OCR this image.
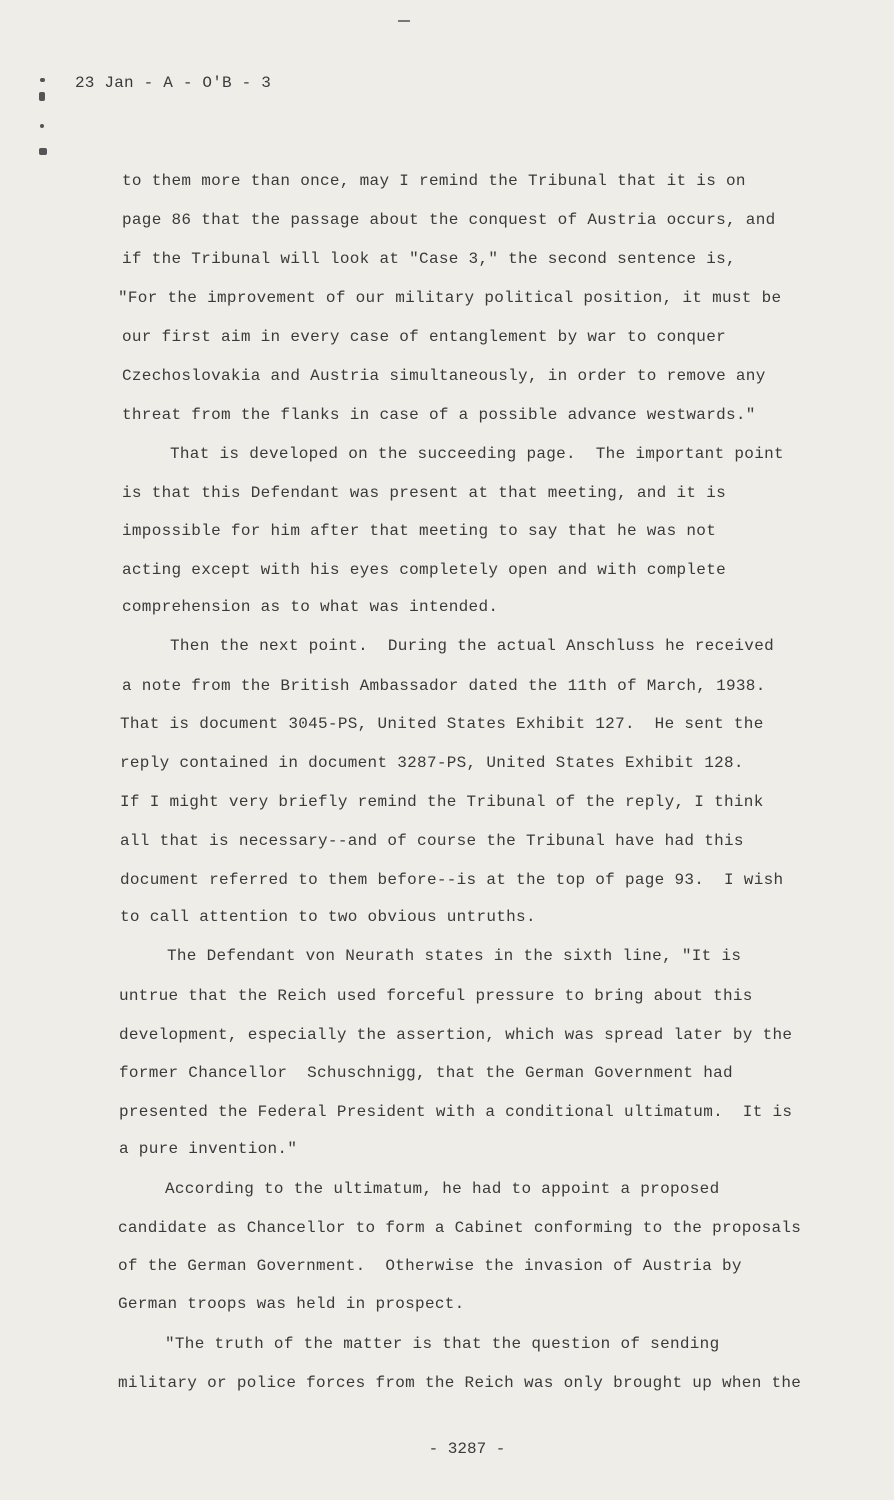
23 Jan - A - O'B - 3
to them more than once, may I remind the Tribunal that it is on
page 86 that the passage about the conquest of Austria occurs, and
if the Tribunal will look at "Case 3," the second sentence is,
"For the improvement of our military political position, it must be
our first aim in every case of entanglement by war to conquer
Czechoslovakia and Austria simultaneously, in order to remove any
threat from the flanks in case of a possible advance westwards."
That is developed on the succeeding page.  The important point
is that this Defendant was present at that meeting, and it is
impossible for him after that meeting to say that he was not
acting except with his eyes completely open and with complete
comprehension as to what was intended.
Then the next point.  During the actual Anschluss he received
a note from the British Ambassador dated the 11th of March, 1938.
That is document 3045-PS, United States Exhibit 127.  He sent the
reply contained in document 3287-PS, United States Exhibit 128.
If I might very briefly remind the Tribunal of the reply, I think
all that is necessary--and of course the Tribunal have had this
document referred to them before--is at the top of page 93.  I wish
to call attention to two obvious untruths.
The Defendant von Neurath states in the sixth line, "It is
untrue that the Reich used forceful pressure to bring about this
development, especially the assertion, which was spread later by the
former Chancellor  Schuschnigg, that the German Government had
presented the Federal President with a conditional ultimatum.  It is
a pure invention."
According to the ultimatum, he had to appoint a proposed
candidate as Chancellor to form a Cabinet conforming to the proposals
of the German Government.  Otherwise the invasion of Austria by
German troops was held in prospect.
"The truth of the matter is that the question of sending
military or police forces from the Reich was only brought up when the
- 3287 -
